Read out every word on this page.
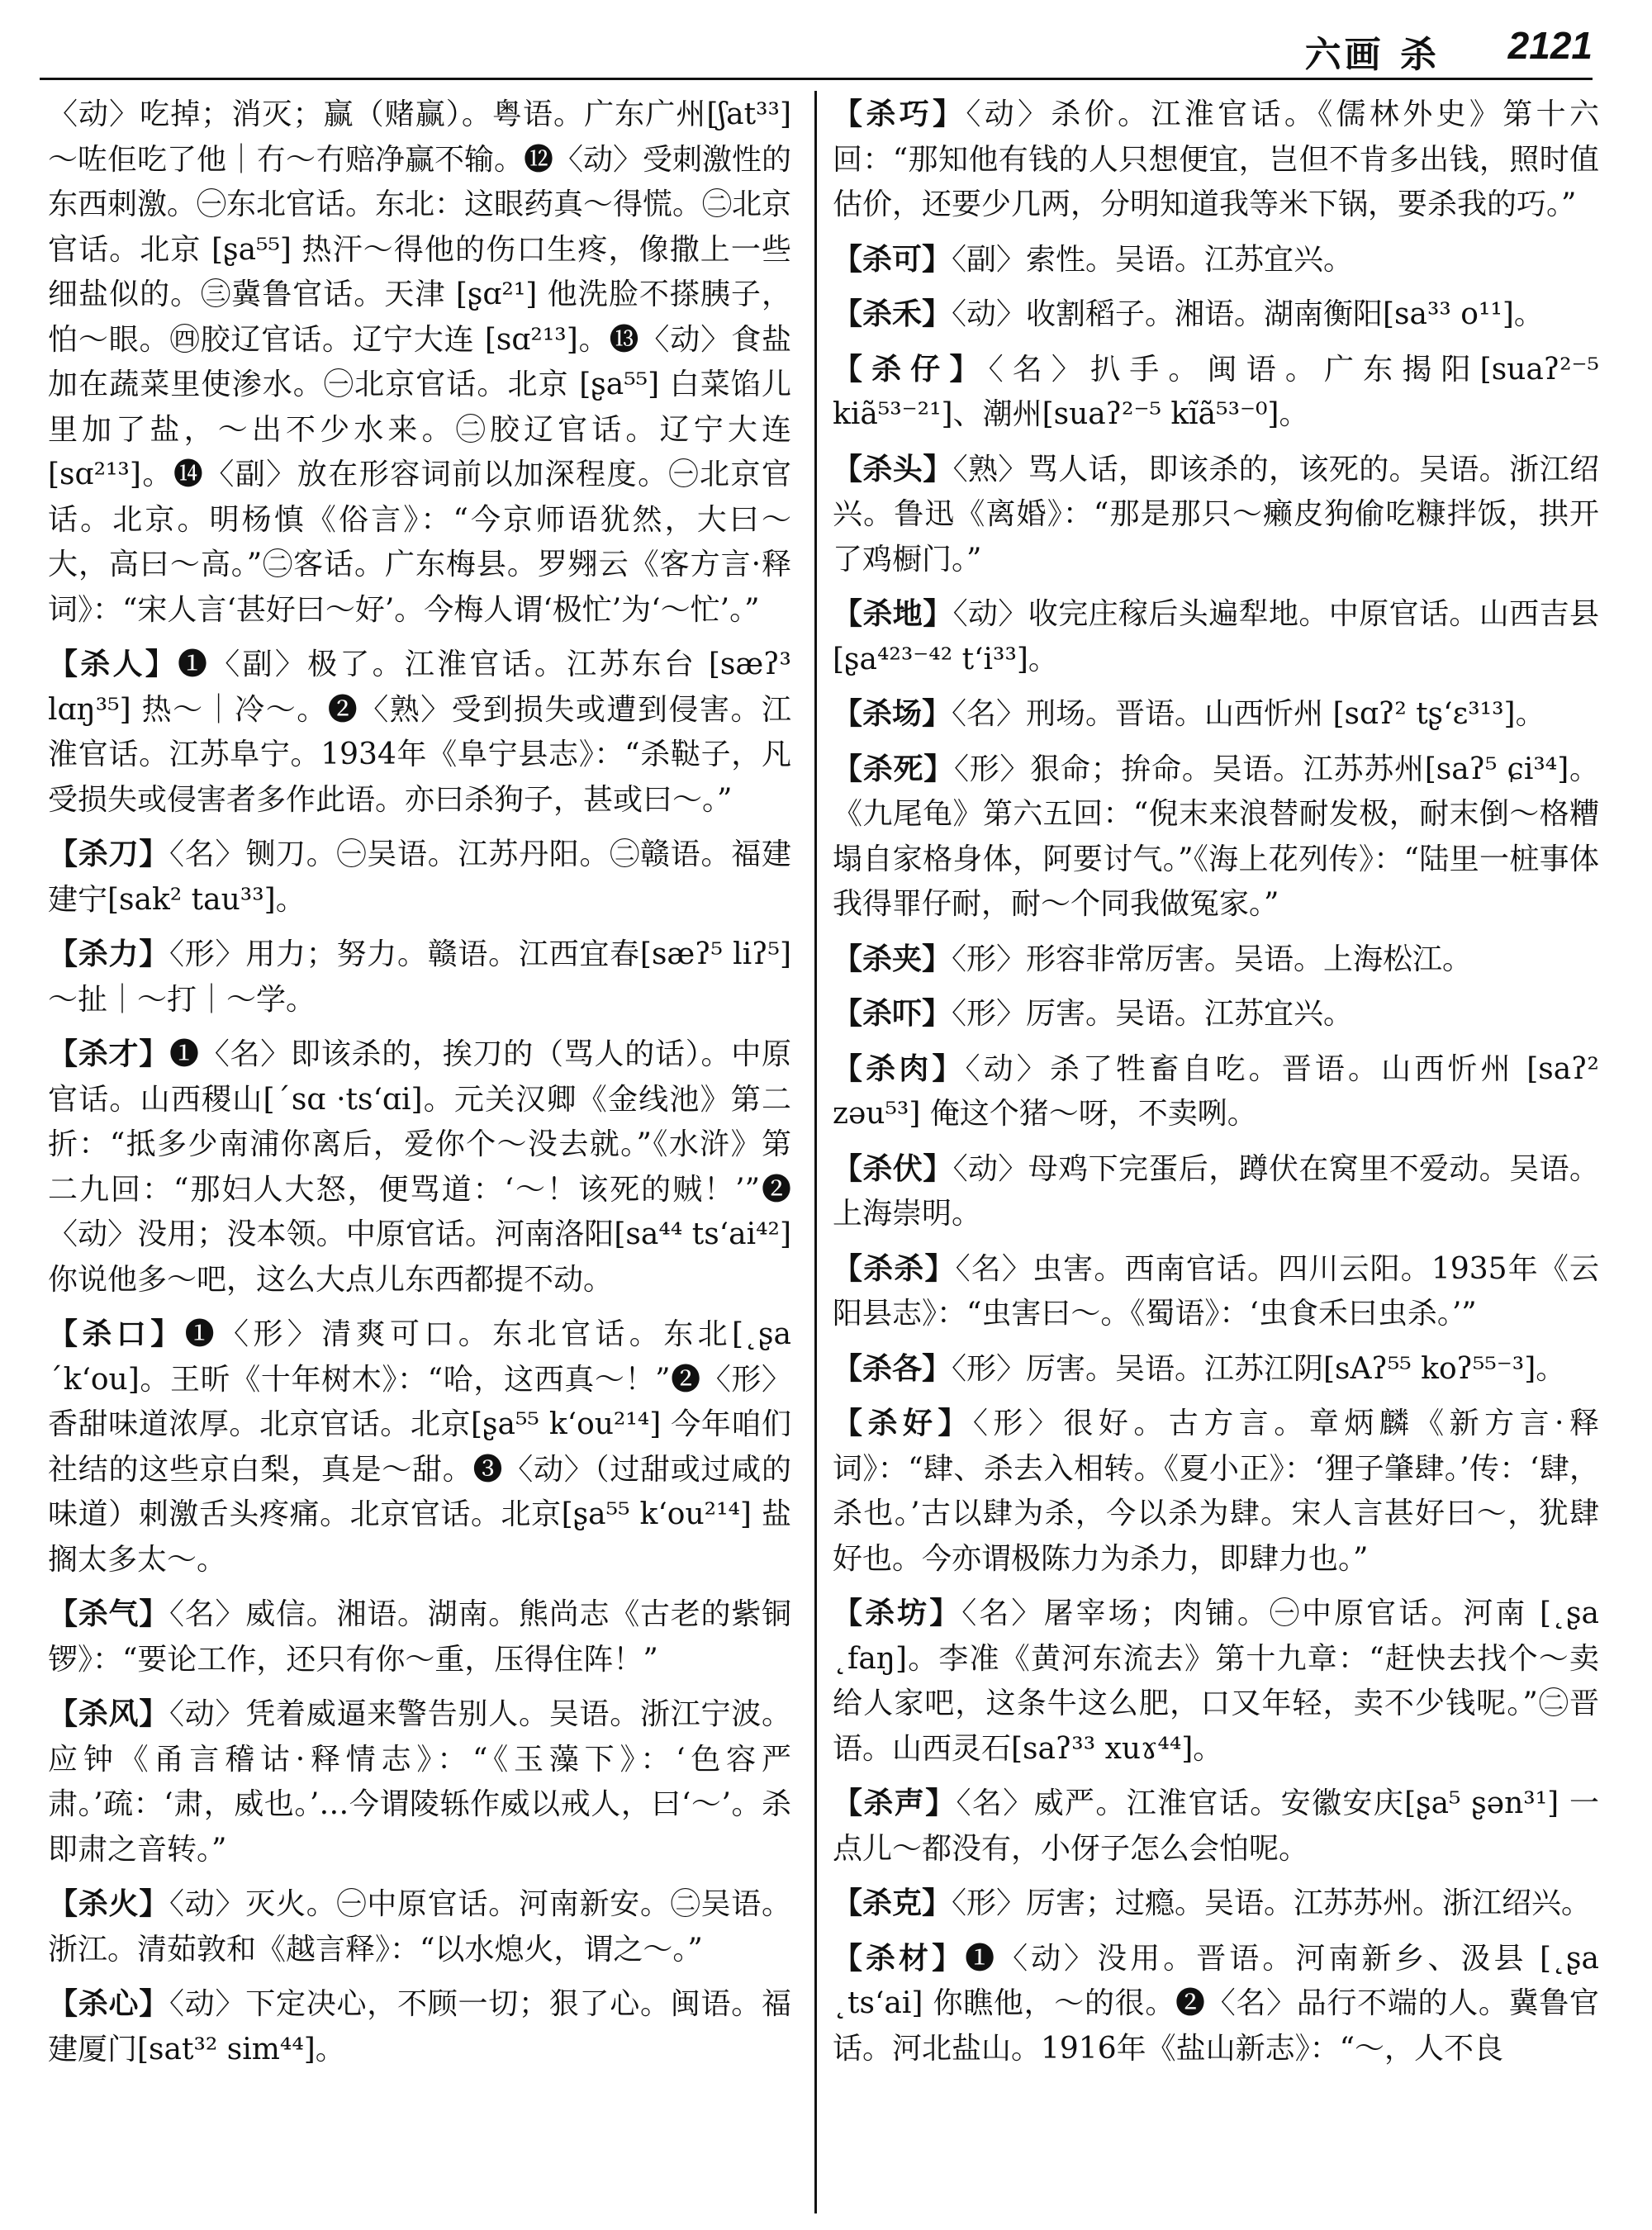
六画 杀 2121

〈动〉吃掉；消灭；赢（赌赢）。粤语。广东广州[ʃat³³]～咗佢吃了他｜冇～冇赔净赢不输。⓬〈动〉受刺激性的东西刺激。㊀东北官话。东北：这眼药真～得慌。㊁北京官话。北京 [ʂa⁵⁵] 热汗～得他的伤口生疼，像撒上一些细盐似的。㊂冀鲁官话。天津 [ʂɑ²¹] 他洗脸不搽胰子，怕～眼。㊃胶辽官话。辽宁大连 [sɑ²¹³]。⓭〈动〉食盐加在蔬菜里使渗水。㊀北京官话。北京 [ʂa⁵⁵] 白菜馅儿里加了盐，～出不少水来。㊁胶辽官话。辽宁大连[sɑ²¹³]。⓮〈副〉放在形容词前以加深程度。㊀北京官话。北京。明杨慎《俗言》：“今京师语犹然，大曰～大，高曰～高。”㊁客话。广东梅县。罗翙云《客方言·释词》：“宋人言‘甚好曰～好’。今梅人谓‘极忙’为‘～忙’。”

【杀人】❶〈副〉极了。江淮官话。江苏东台 [sæʔ³ lɑŋ³⁵] 热～｜冷～。❷〈熟〉受到损失或遭到侵害。江淮官话。江苏阜宁。1934年《阜宁县志》：“杀鞑子，凡受损失或侵害者多作此语。亦曰杀狗子，甚或曰～。”

【杀刀】〈名〉铡刀。㊀吴语。江苏丹阳。㊁赣语。福建建宁[sak² tau³³]。

【杀力】〈形〉用力；努力。赣语。江西宜春[sæʔ⁵ liʔ⁵]～扯｜～打｜～学。

【杀才】❶〈名〉即该杀的，挨刀的（骂人的话）。中原官话。山西稷山[ˊsɑ ·tsʻɑi]。元关汉卿《金线池》第二折：“抵多少南浦你离后，爱你个～没去就。”《水浒》第二九回：“那妇人大怒，便骂道：‘～！该死的贼！’”❷〈动〉没用；没本领。中原官话。河南洛阳[sa⁴⁴ tsʻai⁴²] 你说他多～吧，这么大点儿东西都提不动。

【杀口】❶〈形〉清爽可口。东北官话。东北[˛ʂa ˊkʻou]。王昕《十年树木》：“哈，这西真～！”❷〈形〉香甜味道浓厚。北京官话。北京[ʂa⁵⁵ kʻou²¹⁴] 今年咱们社结的这些京白梨，真是～甜。❸〈动〉（过甜或过咸的味道）刺激舌头疼痛。北京官话。北京[ʂa⁵⁵ kʻou²¹⁴] 盐搁太多太～。

【杀气】〈名〉威信。湘语。湖南。熊尚志《古老的紫铜锣》：“要论工作，还只有你～重，压得住阵！”

【杀风】〈动〉凭着威逼来警告别人。吴语。浙江宁波。应钟《甬言稽诂·释情志》：“《玉藻下》：‘色容严肃。’疏：‘肃，威也。’…今谓陵轹作威以戒人，曰‘～’。杀即肃之音转。”

【杀火】〈动〉灭火。㊀中原官话。河南新安。㊁吴语。浙江。清茹敦和《越言释》：“以水熄火，谓之～。”

【杀心】〈动〉下定决心，不顾一切；狠了心。闽语。福建厦门[sat³² sim⁴⁴]。

【杀巧】〈动〉杀价。江淮官话。《儒林外史》第十六回：“那知他有钱的人只想便宜，岂但不肯多出钱，照时值估价，还要少几两，分明知道我等米下锅，要杀我的巧。”

【杀可】〈副〉索性。吴语。江苏宜兴。

【杀禾】〈动〉收割稻子。湘语。湖南衡阳[sa³³ o¹¹]。

【杀仔】〈名〉扒手。闽语。广东揭阳[suaʔ²⁻⁵ kiã⁵³⁻²¹]、潮州[suaʔ²⁻⁵ kĩã⁵³⁻⁰]。

【杀头】〈熟〉骂人话，即该杀的，该死的。吴语。浙江绍兴。鲁迅《离婚》：“那是那只～癞皮狗偷吃糠拌饭，拱开了鸡橱门。”

【杀地】〈动〉收完庄稼后头遍犁地。中原官话。山西吉县[ʂa⁴²³⁻⁴² tʻi³³]。

【杀场】〈名〉刑场。晋语。山西忻州 [sɑʔ² tʂʻɛ³¹³]。

【杀死】〈形〉狠命；拚命。吴语。江苏苏州[saʔ⁵ ɕi³⁴]。《九尾龟》第六五回：“倪末来浪替耐发极，耐末倒～格糟塌自家格身体，阿要讨气。”《海上花列传》：“陆里一桩事体我得罪仔耐，耐～个同我做冤家。”

【杀夹】〈形〉形容非常厉害。吴语。上海松江。

【杀吓】〈形〉厉害。吴语。江苏宜兴。

【杀肉】〈动〉杀了牲畜自吃。晋语。山西忻州 [saʔ² zəu⁵³] 俺这个猪～呀，不卖咧。

【杀伏】〈动〉母鸡下完蛋后，蹲伏在窝里不爱动。吴语。上海崇明。

【杀杀】〈名〉虫害。西南官话。四川云阳。1935年《云阳县志》：“虫害曰～。《蜀语》：‘虫食禾曰虫杀。’”

【杀各】〈形〉厉害。吴语。江苏江阴[sAʔ⁵⁵ koʔ⁵⁵⁻³]。

【杀好】〈形〉很好。古方言。章炳麟《新方言·释词》：“肆、杀去入相转。《夏小正》：‘狸子肇肆。’传：‘肆，杀也。’古以肆为杀，今以杀为肆。宋人言甚好曰～，犹肆好也。今亦谓极陈力为杀力，即肆力也。”

【杀坊】〈名〉屠宰场；肉铺。㊀中原官话。河南 [˛ʂa ˛faŋ]。李准《黄河东流去》第十九章：“赶快去找个～卖给人家吧，这条牛这么肥，口又年轻，卖不少钱呢。”㊁晋语。山西灵石[saʔ³³ xuɤ⁴⁴]。

【杀声】〈名〉威严。江淮官话。安徽安庆[ʂa⁵ ʂən³¹] 一点儿～都没有，小伢子怎么会怕呢。

【杀克】〈形〉厉害；过瘾。吴语。江苏苏州。浙江绍兴。

【杀材】❶〈动〉没用。晋语。河南新乡、汲县 [˛ʂa ˛tsʻai] 你瞧他，～的很。❷〈名〉品行不端的人。冀鲁官话。河北盐山。1916年《盐山新志》：“～，人不良
